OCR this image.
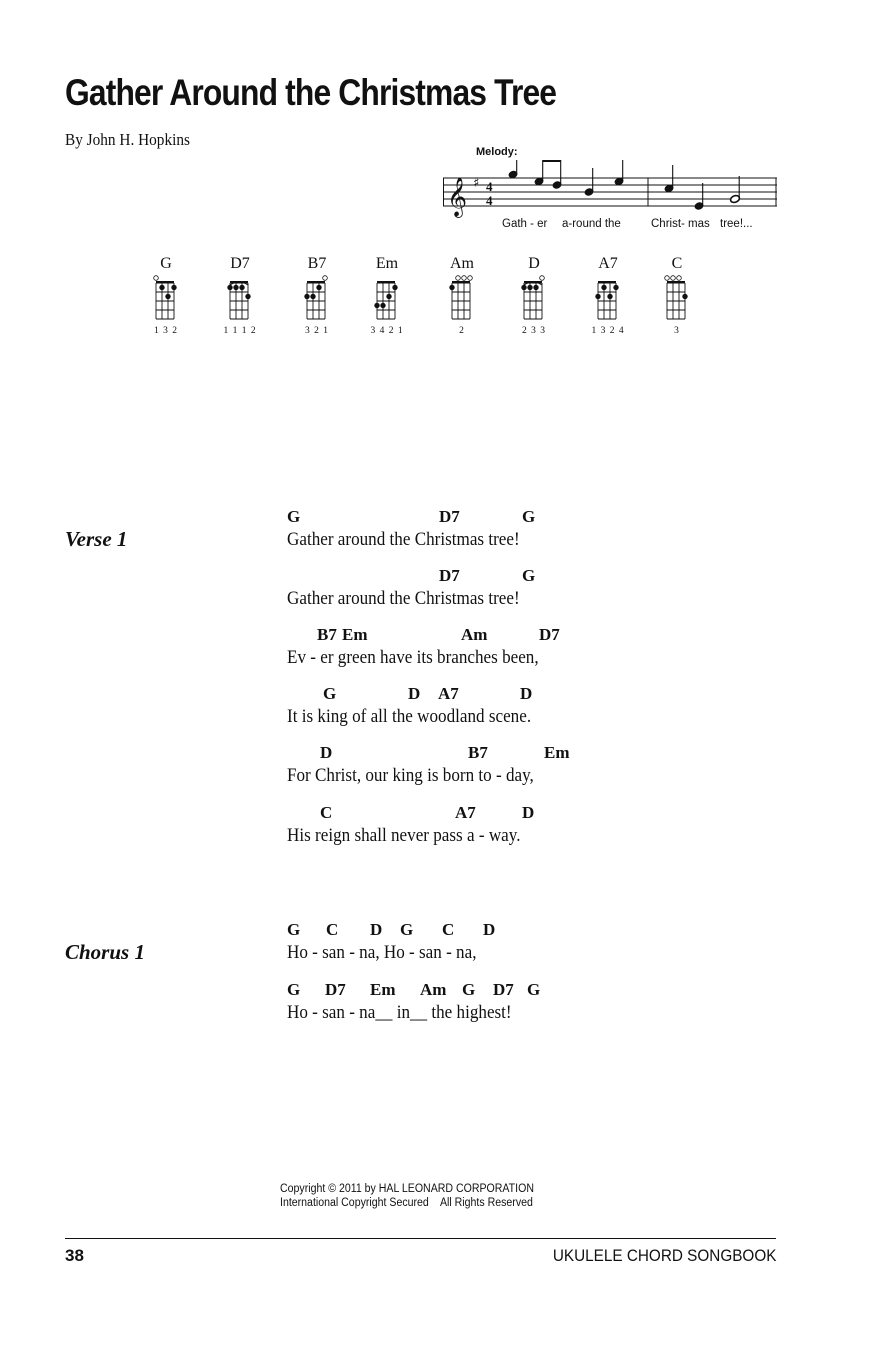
Gather Around the Christmas Tree
By John H. Hopkins
Melody:
𝄞 ♯ 4
4
Gath - er a-round the	Christ- mas tree!...
G
1 3 2
D7
1 1 1 2
B7
3 2 1
Em
3 4 2 1
Am
2
D
2 3 3
A7
1 3 2 4
C
3
Verse 1
G	D7	G
Gather around the Christmas tree!
D7	G
Gather around the Christmas tree!
B7 Em	Am	D7
Ev - er green have its branches been,
G	D A7	D
It is king of all the woodland scene.
D	B7	Em
For Christ, our king is born to - day,
C	A7	D
His reign shall never pass a - way.
Chorus 1
G C D G C D
Ho - san - na, Ho - san - na,
G D7 Em Am G D7 G
Ho - san - na__ in__ the highest!
Copyright © 2011 by HAL LEONARD CORPORATION
International Copyright Secured    All Rights Reserved
38	UKULELE CHORD SONGBOOK
